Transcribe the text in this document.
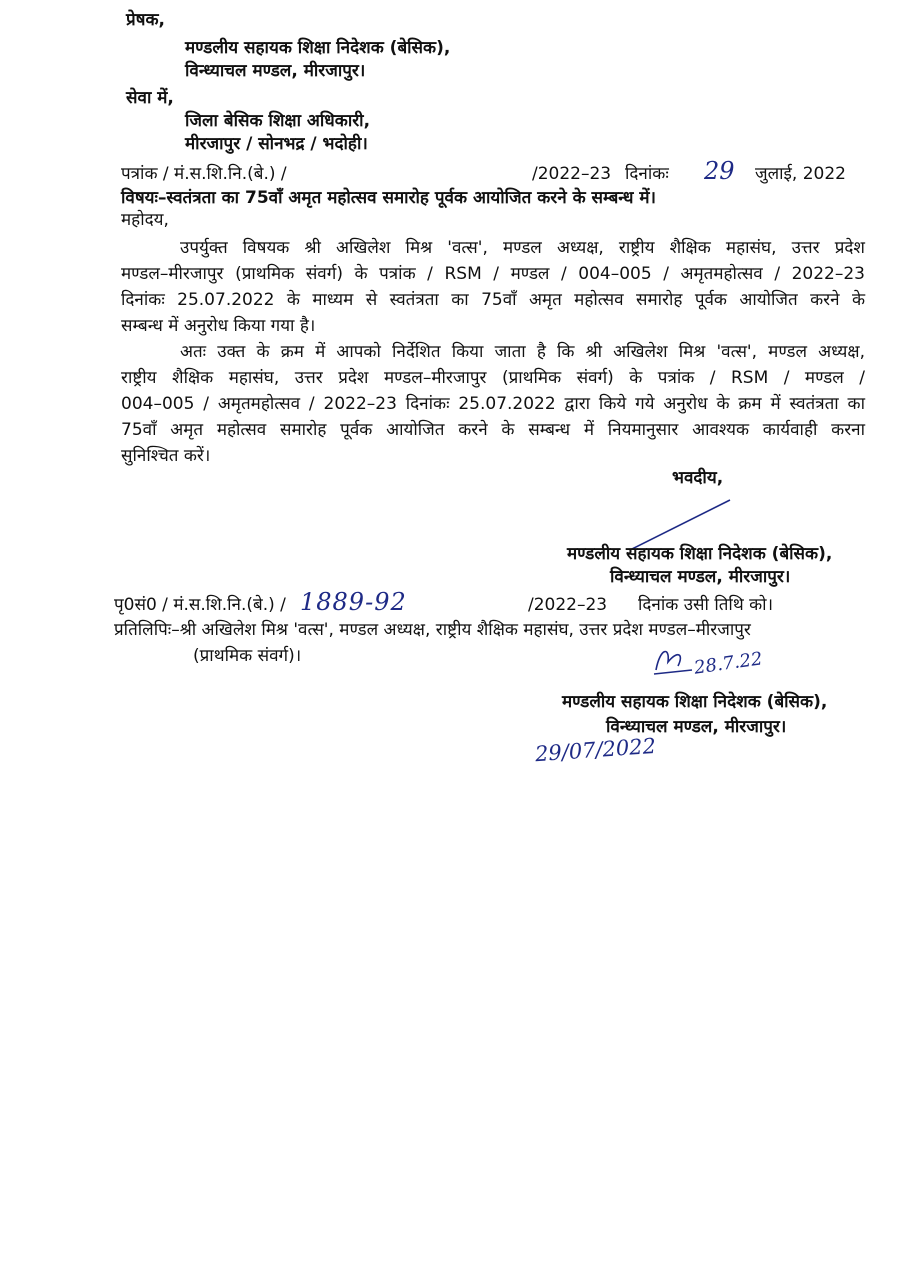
प्रेषक,
मण्डलीय सहायक शिक्षा निदेशक (बेसिक),
विन्ध्याचल मण्डल, मीरजापुर।
सेवा में,
जिला बेसिक शिक्षा अधिकारी,
मीरजापुर / सोनभद्र / भदोही।
पत्रांक / मं.स.शि.नि.(बे.) /	/2022–23 दिनांकः 29 जुलाई, 2022
विषयः–स्वतंत्रता का 75वाँ अमृत महोत्सव समारोह पूर्वक आयोजित करने के सम्बन्ध में।
महोदय,
उपर्युक्त विषयक श्री अखिलेश मिश्र 'वत्स', मण्डल अध्यक्ष, राष्ट्रीय शैक्षिक महासंघ, उत्तर प्रदेश
मण्डल–मीरजापुर (प्राथमिक संवर्ग) के पत्रांक / RSM / मण्डल / 004–005 / अमृतमहोत्सव / 2022–23
दिनांकः 25.07.2022 के माध्यम से स्वतंत्रता का 75वाँ अमृत महोत्सव समारोह पूर्वक आयोजित करने के
सम्बन्ध में अनुरोध किया गया है।
अतः उक्त के क्रम में आपको निर्देशित किया जाता है कि श्री अखिलेश मिश्र 'वत्स', मण्डल अध्यक्ष,
राष्ट्रीय शैक्षिक महासंघ, उत्तर प्रदेश मण्डल–मीरजापुर (प्राथमिक संवर्ग) के पत्रांक / RSM / मण्डल /
004–005 / अमृतमहोत्सव / 2022–23 दिनांकः 25.07.2022 द्वारा किये गये अनुरोध के क्रम में स्वतंत्रता का
75वाँ अमृत महोत्सव समारोह पूर्वक आयोजित करने के सम्बन्ध में नियमानुसार आवश्यक कार्यवाही करना
सुनिश्चित करें।
भवदीय,
मण्डलीय सहायक शिक्षा निदेशक (बेसिक),
विन्ध्याचल मण्डल, मीरजापुर।
पृ0सं0 / मं.स.शि.नि.(बे.) / 1889-92	/2022–23 दिनांक उसी तिथि को।
प्रतिलिपिः–श्री अखिलेश मिश्र 'वत्स', मण्डल अध्यक्ष, राष्ट्रीय शैक्षिक महासंघ, उत्तर प्रदेश मण्डल–मीरजापुर
(प्राथमिक संवर्ग)।	28.7.22
मण्डलीय सहायक शिक्षा निदेशक (बेसिक),
विन्ध्याचल मण्डल, मीरजापुर।
29/07/2022
